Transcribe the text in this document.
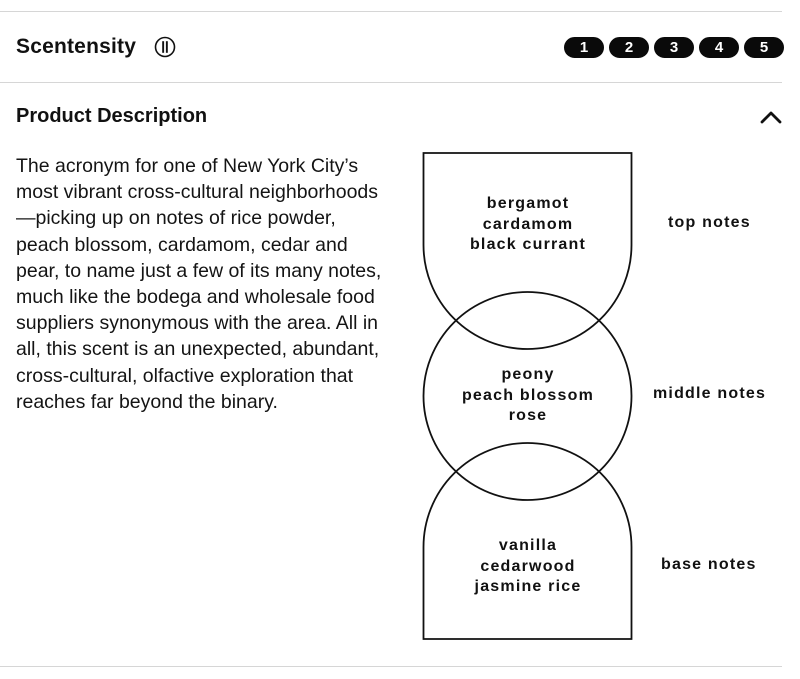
Scentensity	1	2	3	4	5
Product Description

The acronym for one of New York City’s most vibrant cross-cultural neighborhoods—picking up on notes of rice powder, peach blossom, cardamom, cedar and pear, to name just a few of its many notes, much like the bodega and wholesale food suppliers synonymous with the area. All in all, this scent is an unexpected, abundant, cross-cultural, olfactive exploration that reaches far beyond the binary.

bergamot
cardamom
black currant
peony
peach blossom
rose
vanilla
cedarwood
jasmine rice
top notes
middle notes
base notes
